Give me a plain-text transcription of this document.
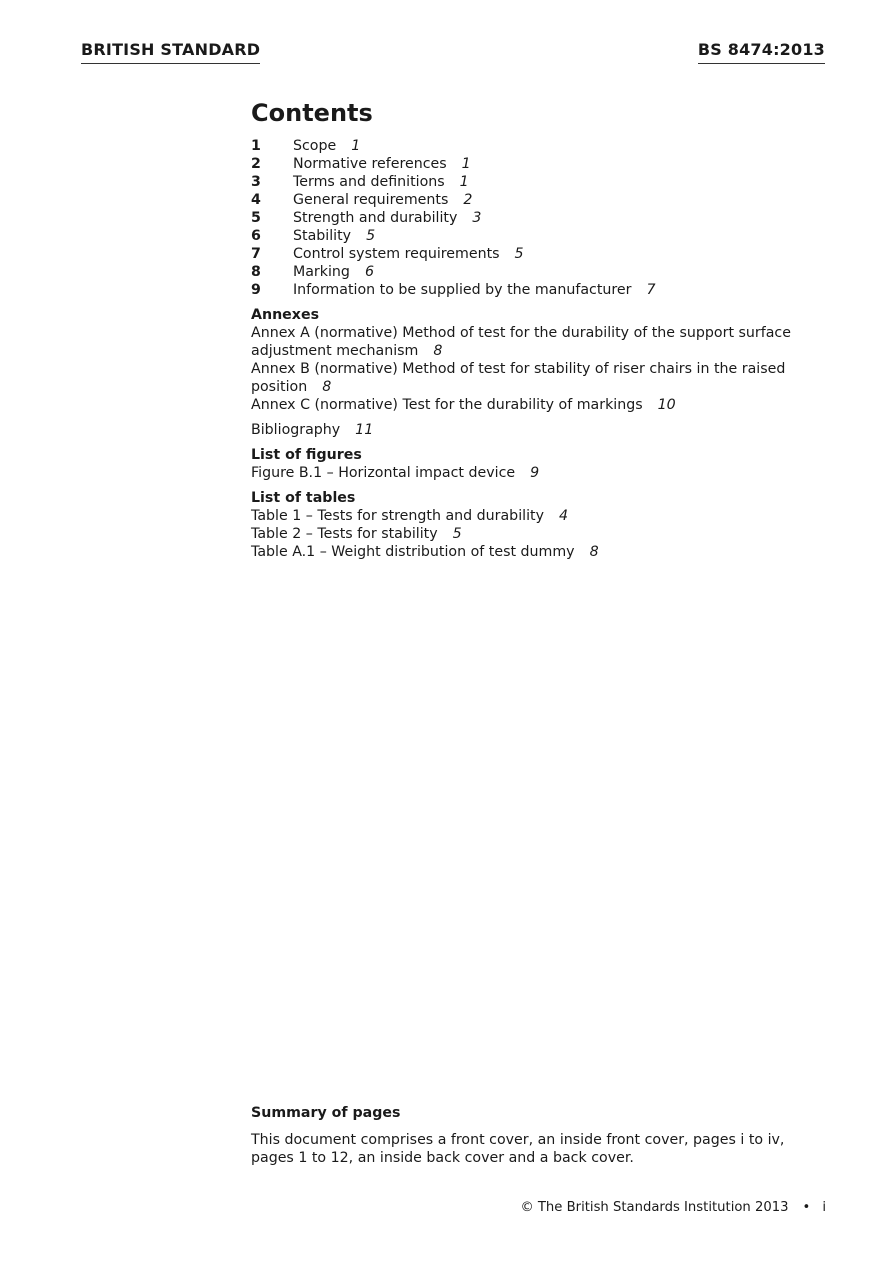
BRITISH STANDARD	BS 8474:2013
Contents
1	Scope 1
2	Normative references 1
3	Terms and definitions 1
4	General requirements 2
5	Strength and durability 3
6	Stability 5
7	Control system requirements 5
8	Marking 6
9	Information to be supplied by the manufacturer 7
Annexes
Annex A (normative) Method of test for the durability of the support surface adjustment mechanism 8
Annex B (normative) Method of test for stability of riser chairs in the raised position 8
Annex C (normative) Test for the durability of markings 10
Bibliography 11
List of figures
Figure B.1 – Horizontal impact device 9
List of tables
Table 1 – Tests for strength and durability 4
Table 2 – Tests for stability 5
Table A.1 – Weight distribution of test dummy 8
Summary of pages
This document comprises a front cover, an inside front cover, pages i to iv, pages 1 to 12, an inside back cover and a back cover.
© The British Standards Institution 2013 • i
